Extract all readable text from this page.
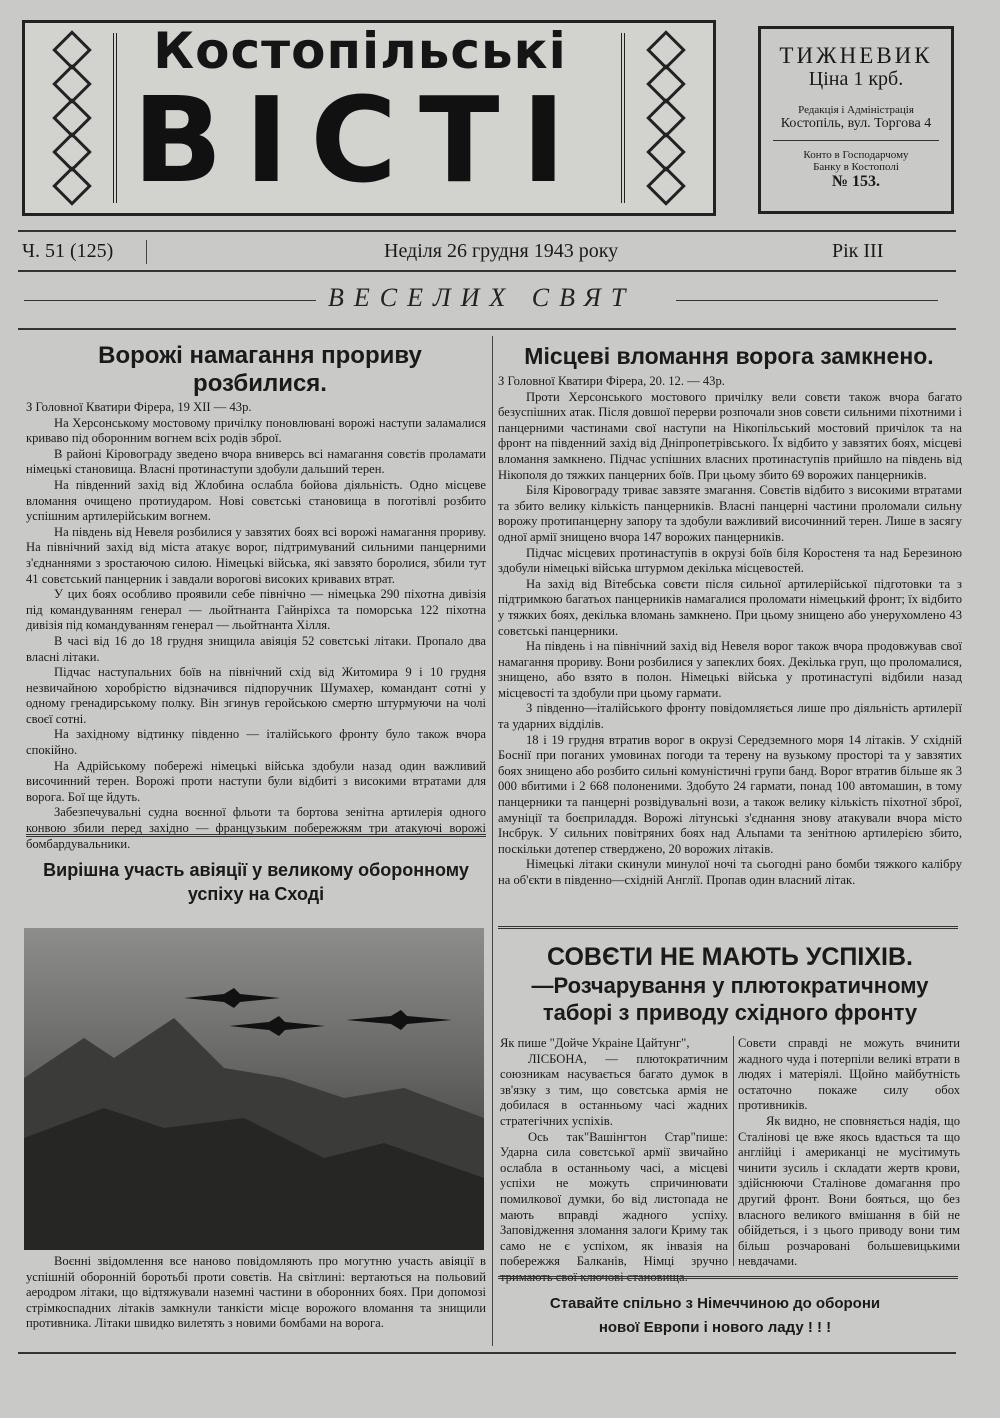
Костопільські
ВІСТІ
ТИЖНЕВИК
Ціна 1 крб.
Редакція і Адміністрація
Костопіль, вул. Торгова 4
Конто в Господарчому
Банку в Костополі
№ 153.
Ч. 51 (125)	Неділя 26 грудня 1943 року	Рік III
ВЕСЕЛИХ СВЯТ
Ворожі намагання прориву розбилися.

З Головної Кватири Фірера, 19 XII — 43р.

На Херсонському мостовому причілку поновлювані ворожі наступи заламалися криваво під оборонним вогнем всіх родів зброї.

В районі Кіровограду зведено вчора вниверсь всі намагання совєтів проламати німецькі становища. Власні протинаступи здобули дальший терен.

На південний захід від Жлобина ослабла бойова діяльність. Одно місцеве вломання очищено протиударом. Нові совєтські становища в поготівлі розбито успішним артилерійським вогнем.

На південь від Невеля розбилися у завзятих боях всі ворожі намагання прориву. На північний захід від міста атакує ворог, підтримуваний сильними панцерними з'єднаннями з зростаючою силою. Німецькі війська, які завзято боролися, збили тут 41 совєтський панцерник і завдали ворогові високих кривавих втрат.

У цих боях особливо проявили себе північно — німецька 290 піхотна дивізія під командуванням генерал — льойтнанта Гайнріхса та поморська 122 піхотна дивізія під командуванням генерал — льойтнанта Хілля.

В часі від 16 до 18 грудня знищила авіяція 52 совєтські літаки. Пропало два власні літаки.

Підчас наступальних боїв на північний схід від Житомира 9 і 10 грудня незвичайною хоробрістю відзначився підпоручник Шумахер, командант сотні у одному гренадирському полку. Він згинув геройською смертю штурмуючи на чолі своєї сотні.

На західному відтинку південно — італійського фронту було також вчора спокійно.

На Адрійському побережі німецькі війська здобули назад один важливий височинний терен. Ворожі проти наступи були відбиті з високими втратами для ворога. Бої ще йдуть.

Забезпечувальні судна воєнної фльоти та бортова зенітна артилерія одного конвою збили перед західно — французьким побережжям три атакуючі ворожі бомбардувальники.

Місцеві вломання ворога замкнено.

З Головної Кватири Фірера, 20. 12. — 43р.

Проти Херсонського мостового причілку вели совєти також вчора багато безуспішних атак. Після довшої перерви розпочали знов совєти сильними піхотними і панцерними частинами свої наступи на Нікопільський мостовий причілок та на фронт на південний захід від Дніпропетрівського. Їх відбито у завзятих боях, місцеві вломання замкнено. Підчас успішних власних протинаступів прийшло на південь від Нікополя до тяжких панцерних боїв. При цьому збито 69 ворожих панцерників.

Біля Кіровограду триває завзяте змагання. Совєтів відбито з високими втратами та збито велику кількість панцерників. Власні панцерні частини проломали сильну ворожу протипанцерну запору та здобули важливий височинний терен. Лише в засягу одної армії знищено вчора 147 ворожих панцерників.

Підчас місцевих протинаступів в окрузі боїв біля Коростеня та над Березиною здобули німецькі війська штурмом декілька місцевостей.

На захід від Вітебська совєти після сильної артилерійської підготовки та з підтримкою багатьох панцерників намагалися проломати німецький фронт; їх відбито у тяжких боях, декілька вломань замкнено. При цьому знищено або унерухомлено 43 совєтські панцерники.

На південь і на північний захід від Невеля ворог також вчора продовжував свої намагання прориву. Вони розбилися у запеклих боях. Декілька груп, що проломалися, знищено, або взято в полон. Німецькі війська у протинаступі відбили назад місцевості та здобули при цьому гармати.

З південно—італійського фронту повідомляється лише про діяльність артилерії та ударних відділів.

18 і 19 грудня втратив ворог в окрузі Середземного моря 14 літаків. У східній Боснії при поганих умовинах погоди та терену на вузькому просторі та у завзятих боях знищено або розбито сильні комуністичні групи банд. Ворог втратив більше як 3 000 вбитими і 2 668 полоненими. Здобуто 24 гармати, понад 100 автомашин, в тому панцерники та панцерні розвідувальні вози, а також велику кількість піхотної зброї, амуніції та боєприладдя. Ворожі літунські з'єднання знову атакували вчора місто Інсбрук. У сильних повітряних боях над Альпами та зенітною артилерією збито, поскільки дотепер ствердженo, 20 ворожих літаків.

Німецькі літаки скинули минулої ночі та сьогодні рано бомби тяжкого калібру на об'єкти в південно—східній Англії. Пропав один власний літак.

Вирішна участь авіяції у великому оборонному успіху на Сході

Воєнні звідомлення все наново повідомляють про могутню участь авіяції в успішній оборонній боротьбі проти совєтів. На світлині: вертаються на польовий аеродром літаки, що відтяжували наземні частини в оборонних боях. При допомозі стрімкоспадних літаків замкнули танкісти місце ворожого вломання та знищили противника. Літаки швидко вилетять з новими бомбами на ворога.

СОВЄТИ НЕ МАЮТЬ УСПІХІВ.
—Розчарування у плютократичному таборі з приводу східного фронту

Як пише "Дойче Украіне Цайтунг",

ЛІСБОНА, — плютократичним союзникам насувається багато думок в зв'язку з тим, що совєтська армія не добилася в останньому часі жадних стратегічних успіхів.

Ось так"Вашінгтон Стар"пише: Ударна сила совєтської армії звичайно ослабла в останньому часі, а місцеві успіхи не можуть спричинювати помилкової думки, бо від листопада не мають вправді жадного успіху. Заповідження зломання залоги Криму так само не є успіхом, як інвазія на побережжя Балканів, Німці зручно тримають свої ключові становища.

Совєти справді не можуть вчинити жадного чуда і потерпіли великі втрати в людях і матеріялі. Щойно майбутність остаточно покаже силу обох противників.

Як видно, не сповняється надія, що Сталінові це вже якось вдасться та що англійці і американці не мусітимуть чинити зусиль і складати жертв крови, здійснюючи Сталінове домагання про другий фронт. Вони бояться, що без власного великого вмішання в бій не обійдеться, і з цього приводу вони тим більш розчаровані большевицькими невдачами.

Ставайте спільно з Німеччиною до оборони нової Европи і нового ладу ! ! !
